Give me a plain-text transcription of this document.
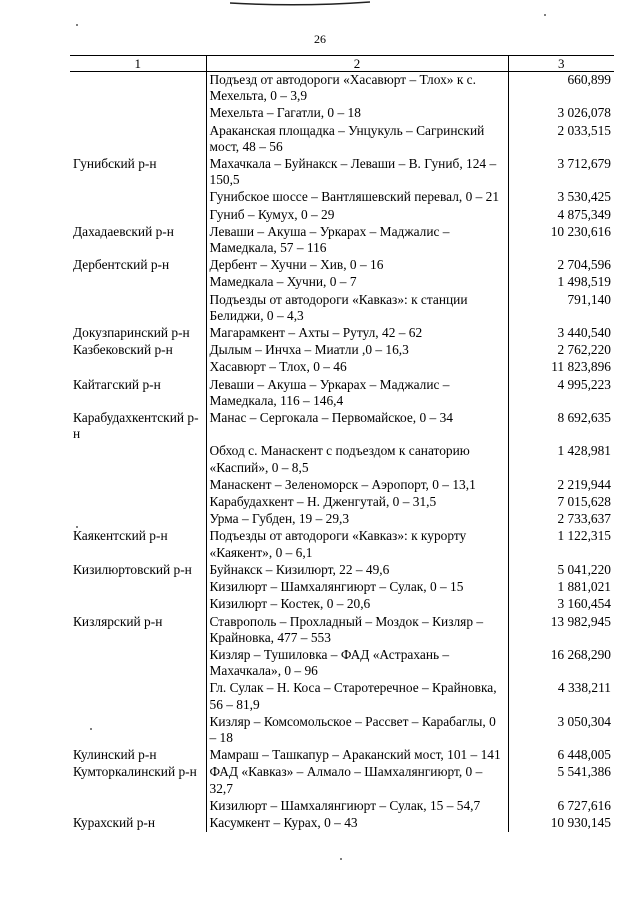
26
1	2	3
	Подъезд от автодороги «Хасавюрт – Тлох» к с. Мехельта, 0 – 3,9	660,899
	Мехельта – Гагатли, 0 – 18	3 026,078
	Араканская площадка – Унцукуль – Сагринский мост, 48 – 56	2 033,515
Гунибский р-н	Махачкала – Буйнакск – Леваши – В. Гуниб, 124 – 150,5	3 712,679
	Гунибское шоссе – Вантляшевский перевал, 0 – 21	3 530,425
	Гуниб – Кумух, 0 – 29	4 875,349
Дахадаевский р-н	Леваши – Акуша – Уркарах – Маджалис – Мамедкала, 57 – 116	10 230,616
Дербентский р-н	Дербент – Хучни – Хив, 0 – 16	2 704,596
	Мамедкала – Хучни, 0 – 7	1 498,519
	Подъезды от автодороги «Кавказ»: к станции Белиджи, 0 – 4,3	791,140
Докузпаринский р-н	Магарамкент – Ахты – Рутул, 42 – 62	3 440,540
Казбековский р-н	Дылым – Инчха – Миатли ,0 – 16,3	2 762,220
	Хасавюрт – Тлох, 0 – 46	11 823,896
Кайтагский р-н	Леваши – Акуша – Уркарах – Маджалис – Мамедкала, 116 – 146,4	4 995,223
Карабудахкентский р-н	Манас – Сергокала – Первомайское, 0 – 34	8 692,635
	Обход с. Манаскент с подъездом к санаторию «Каспий», 0 – 8,5	1 428,981
	Манаскент – Зеленоморск – Аэропорт, 0 – 13,1	2 219,944
	Карабудахкент – Н. Дженгутай, 0 – 31,5	7 015,628
	Урма – Губден, 19 – 29,3	2 733,637
Каякентский р-н	Подъезды от автодороги «Кавказ»: к курорту «Каякент», 0 – 6,1	1 122,315
Кизилюртовский р-н	Буйнакск – Кизилюрт, 22 – 49,6	5 041,220
	Кизилюрт – Шамхалянгиюрт – Сулак, 0 – 15	1 881,021
	Кизилюрт – Костек, 0 – 20,6	3 160,454
Кизлярский р-н	Ставрополь – Прохладный – Моздок – Кизляр – Крайновка, 477 – 553	13 982,945
	Кизляр – Тушиловка – ФАД «Астрахань – Махачкала», 0 – 96	16 268,290
	Гл. Сулак – Н. Коса – Старотеречное – Крайновка, 56 – 81,9	4 338,211
	Кизляр – Комсомольское – Рассвет – Карабаглы, 0 – 18	3 050,304
Кулинский р-н	Мамраш – Ташкапур – Араканский мост, 101 – 141	6 448,005
Кумторкалинский р-н	ФАД «Кавказ» – Алмало – Шамхалянгиюрт, 0 – 32,7	5 541,386
	Кизилюрт – Шамхалянгиюрт – Сулак, 15 – 54,7	6 727,616
Курахский р-н	Касумкент – Курах, 0 – 43	10 930,145
